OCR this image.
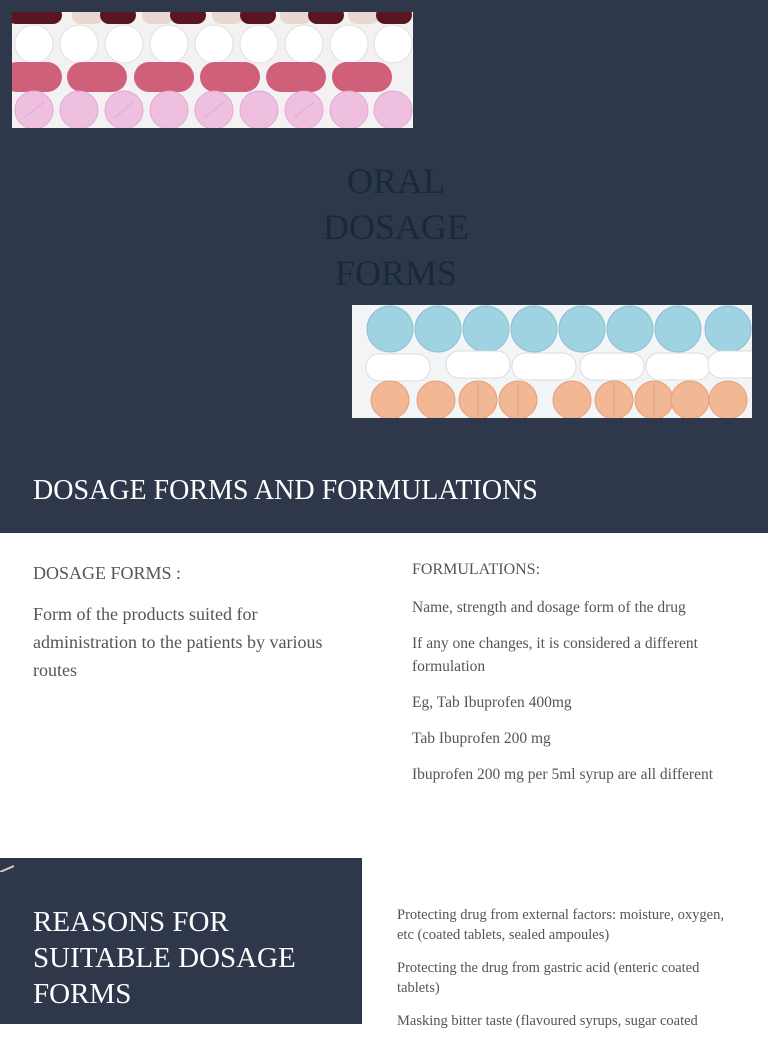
ORAL
DOSAGE
FORMS
DOSAGE FORMS AND FORMULATIONS
DOSAGE FORMS :
Form of the products suited for administration to the patients by various routes
FORMULATIONS:
Name, strength and dosage form of the drug
If any one changes, it is considered a different formulation
Eg, Tab Ibuprofen 400mg
Tab Ibuprofen 200 mg
Ibuprofen 200 mg per 5ml syrup are all different
REASONS FOR SUITABLE DOSAGE FORMS
Protecting drug from external factors: moisture, oxygen, etc (coated tablets, sealed ampoules)
Protecting the drug from gastric acid (enteric coated tablets)
Masking bitter taste (flavoured syrups, sugar coated
